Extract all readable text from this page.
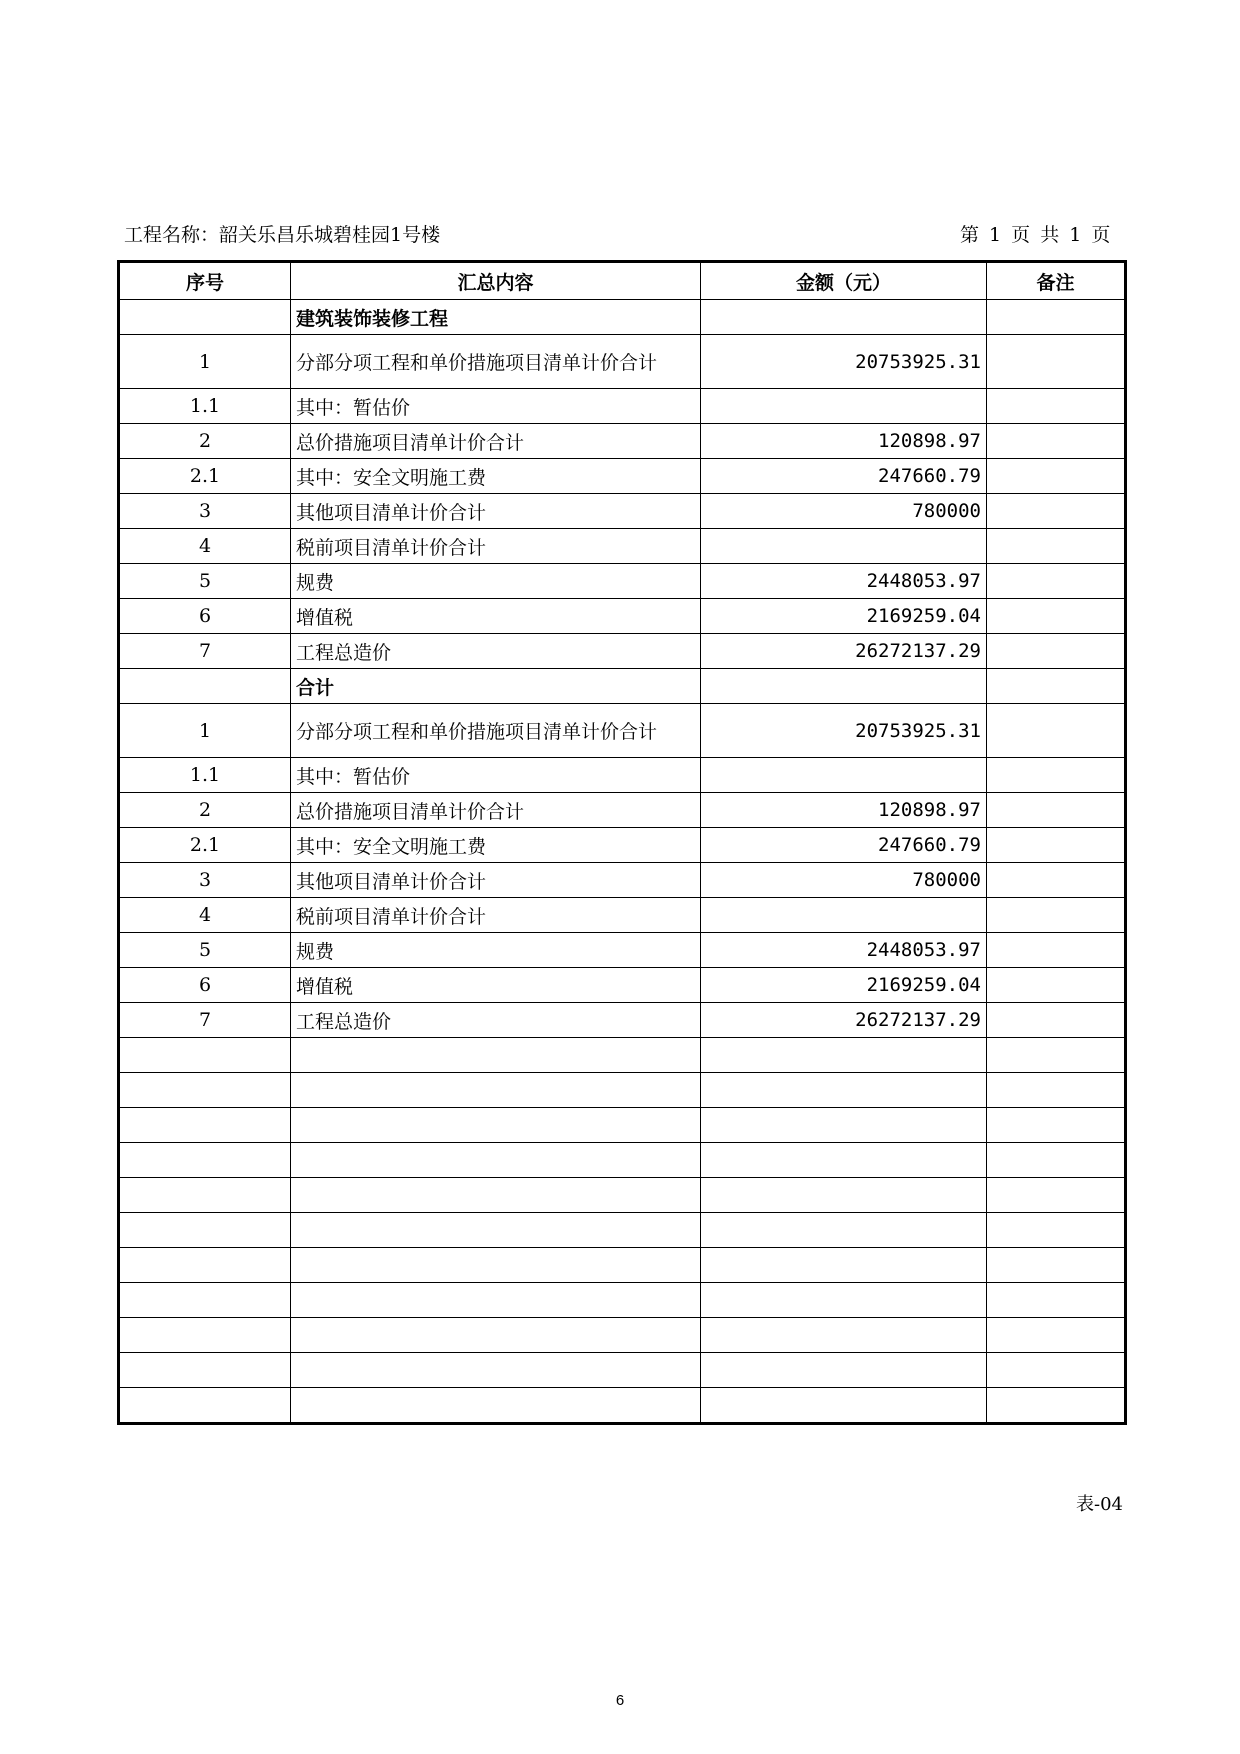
工程名称：韶关乐昌乐城碧桂园1号楼	第 1 页 共 1 页
序号	汇总内容	金额（元）	备注
	建筑装饰装修工程		
1	分部分项工程和单价措施项目清单计价合计	20753925.31	
1.1	其中：暂估价		
2	总价措施项目清单计价合计	120898.97	
2.1	其中：安全文明施工费	247660.79	
3	其他项目清单计价合计	780000	
4	税前项目清单计价合计		
5	规费	2448053.97	
6	增值税	2169259.04	
7	工程总造价	26272137.29	
	合计		
1	分部分项工程和单价措施项目清单计价合计	20753925.31	
1.1	其中：暂估价		
2	总价措施项目清单计价合计	120898.97	
2.1	其中：安全文明施工费	247660.79	
3	其他项目清单计价合计	780000	
4	税前项目清单计价合计		
5	规费	2448053.97	
6	增值税	2169259.04	
7	工程总造价	26272137.29	

表-04
6
